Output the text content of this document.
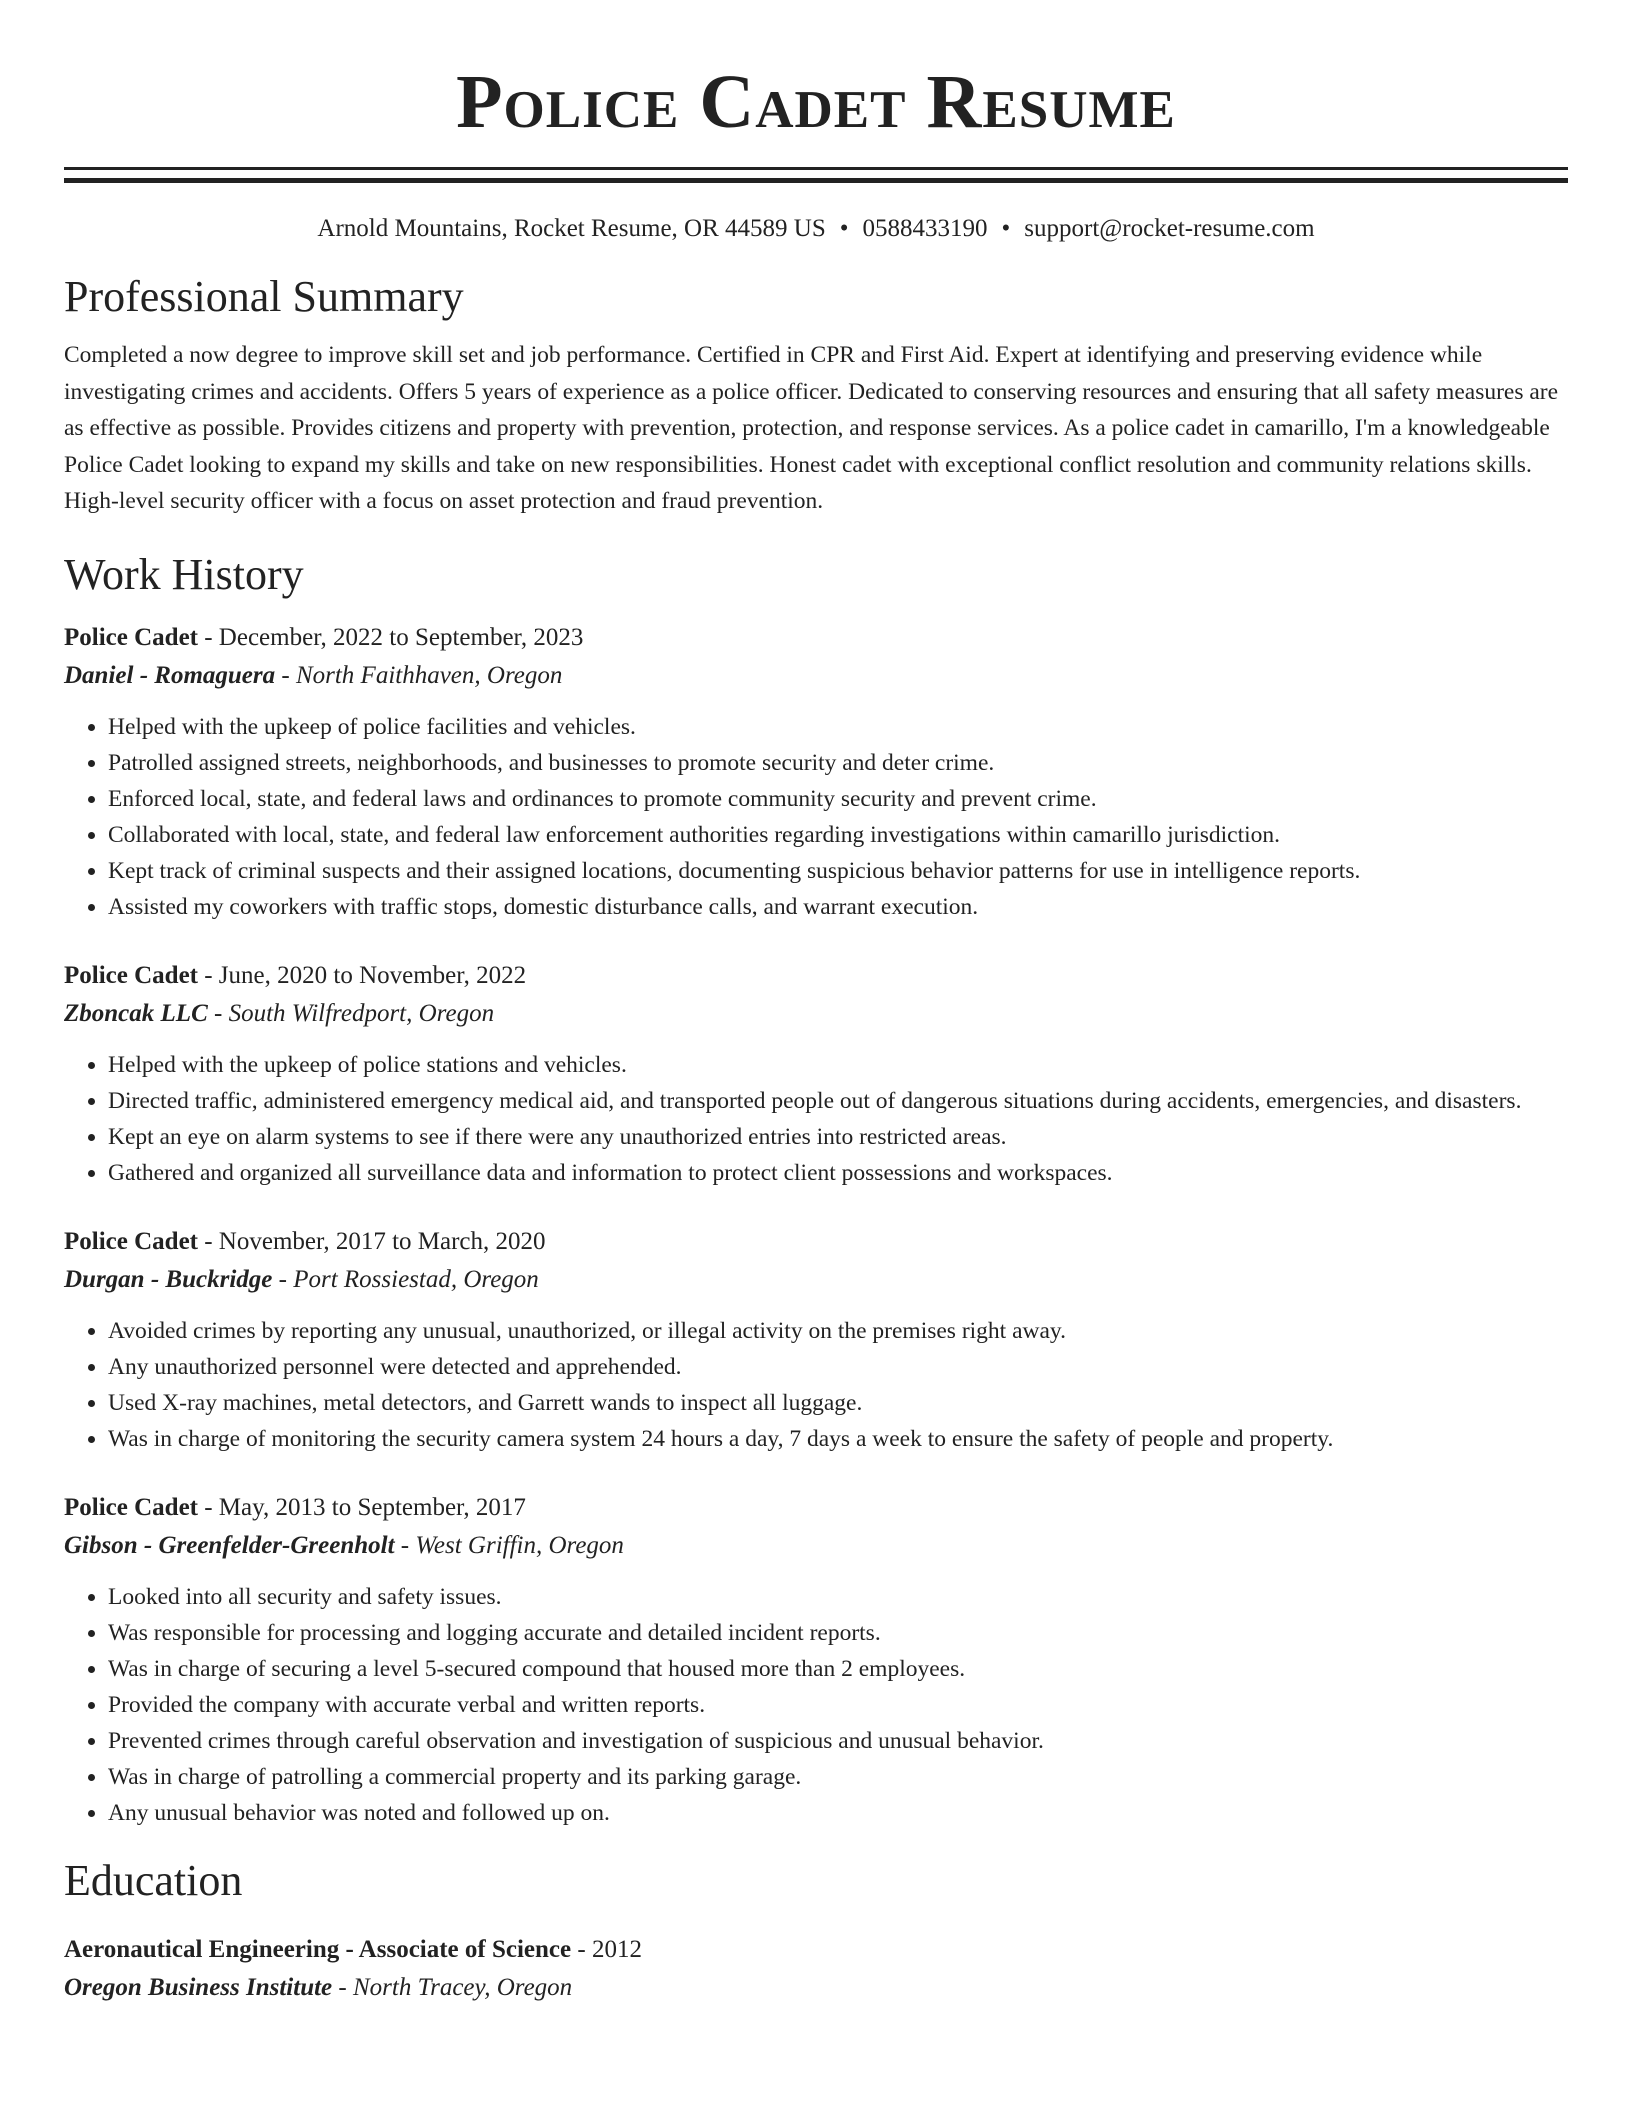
Police Cadet Resume
Arnold Mountains, Rocket Resume, OR 44589 US • 0588433190 • support@rocket-resume.com
Professional Summary

Completed a now degree to improve skill set and job performance. Certified in CPR and First Aid. Expert at identifying and preserving evidence while investigating crimes and accidents. Offers 5 years of experience as a police officer. Dedicated to conserving resources and ensuring that all safety measures are as effective as possible. Provides citizens and property with prevention, protection, and response services. As a police cadet in camarillo, I'm a knowledgeable Police Cadet looking to expand my skills and take on new responsibilities. Honest cadet with exceptional conflict resolution and community relations skills. High-level security officer with a focus on asset protection and fraud prevention.

Work History
Police Cadet - December, 2022 to September, 2023
Daniel - Romaguera - North Faithhaven, Oregon
• Helped with the upkeep of police facilities and vehicles.
• Patrolled assigned streets, neighborhoods, and businesses to promote security and deter crime.
• Enforced local, state, and federal laws and ordinances to promote community security and prevent crime.
• Collaborated with local, state, and federal law enforcement authorities regarding investigations within camarillo jurisdiction.
• Kept track of criminal suspects and their assigned locations, documenting suspicious behavior patterns for use in intelligence reports.
• Assisted my coworkers with traffic stops, domestic disturbance calls, and warrant execution.
Police Cadet - June, 2020 to November, 2022
Zboncak LLC - South Wilfredport, Oregon
• Helped with the upkeep of police stations and vehicles.
• Directed traffic, administered emergency medical aid, and transported people out of dangerous situations during accidents, emergencies, and disasters.
• Kept an eye on alarm systems to see if there were any unauthorized entries into restricted areas.
• Gathered and organized all surveillance data and information to protect client possessions and workspaces.
Police Cadet - November, 2017 to March, 2020
Durgan - Buckridge - Port Rossiestad, Oregon
• Avoided crimes by reporting any unusual, unauthorized, or illegal activity on the premises right away.
• Any unauthorized personnel were detected and apprehended.
• Used X-ray machines, metal detectors, and Garrett wands to inspect all luggage.
• Was in charge of monitoring the security camera system 24 hours a day, 7 days a week to ensure the safety of people and property.
Police Cadet - May, 2013 to September, 2017
Gibson - Greenfelder-Greenholt - West Griffin, Oregon
• Looked into all security and safety issues.
• Was responsible for processing and logging accurate and detailed incident reports.
• Was in charge of securing a level 5-secured compound that housed more than 2 employees.
• Provided the company with accurate verbal and written reports.
• Prevented crimes through careful observation and investigation of suspicious and unusual behavior.
• Was in charge of patrolling a commercial property and its parking garage.
• Any unusual behavior was noted and followed up on.
Education
Aeronautical Engineering - Associate of Science - 2012
Oregon Business Institute - North Tracey, Oregon
